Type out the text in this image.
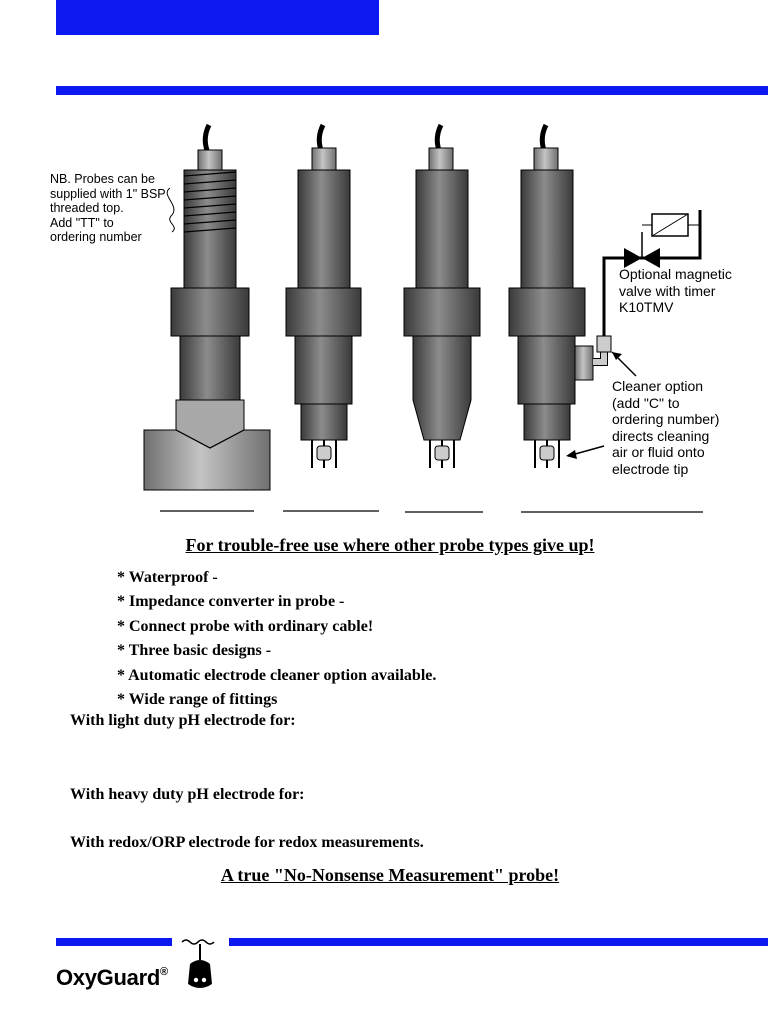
NB. Probes can be
supplied with 1" BSP
threaded top.
Add "TT" to
ordering number
Optional magnetic
valve with timer
K10TMV
Cleaner option
(add "C" to
ordering number)
directs cleaning
air or fluid onto
electrode tip
For trouble-free use where other probe types give up!
* Waterproof -
* Impedance converter in probe -
* Connect probe with ordinary cable!
* Three basic designs -
* Automatic electrode cleaner option available.
* Wide range of fittings
With light duty pH electrode for:
With heavy duty pH electrode for:
With redox/ORP electrode for redox measurements.
A true "No-Nonsense Measurement" probe!
OxyGuard®
